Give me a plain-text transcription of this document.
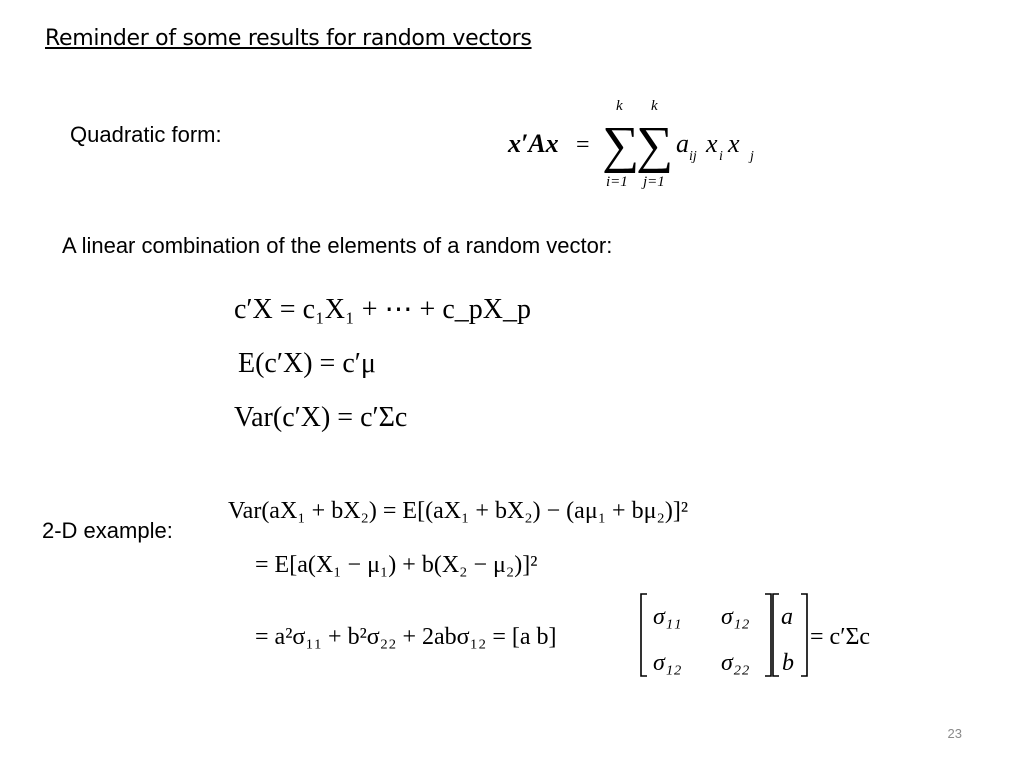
Reminder of some results for random vectors
Quadratic form:	x′Ax = ∑
∑
k k
i=1 j=1
a ij x i x j
A linear combination of the elements of a random vector:
c′X = c₁X₁ + ⋯ + c_pX_p
E(c′X) = c′μ
Var(c′X) = c′Σc
2-D example:
Var(aX₁ + bX₂) = E[(aX₁ + bX₂) − (aμ₁ + bμ₂)]²
= E[a(X₁ − μ₁) + b(X₂ − μ₂)]²
= a²σ₁₁ + b²σ₂₂ + 2abσ₁₂ = [a b]
σ₁₁ σ₁₂
σ₁₂ σ₂₂
a
b
= c′Σc
23
